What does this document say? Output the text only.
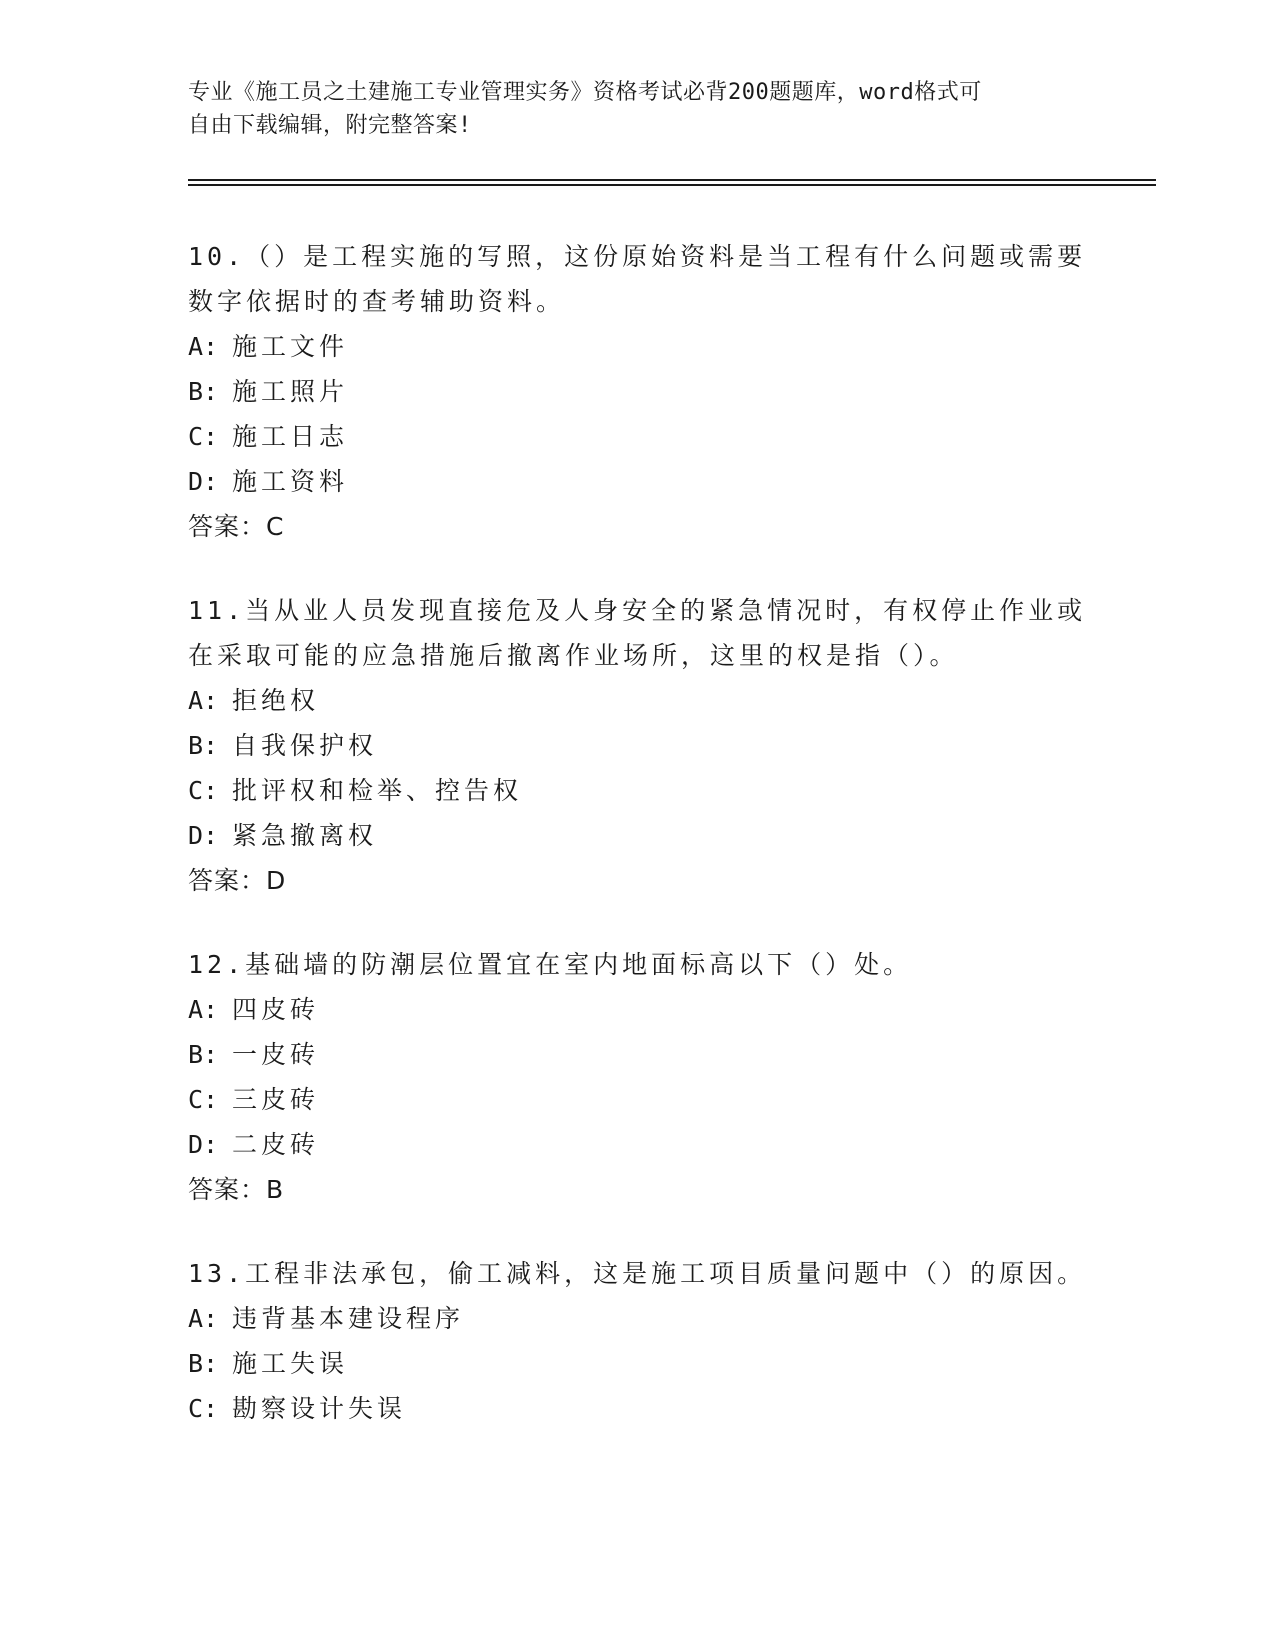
专业《施工员之土建施工专业管理实务》资格考试必背200题题库，word格式可
自由下载编辑，附完整答案!
10.（）是工程实施的写照，这份原始资料是当工程有什么问题或需要数字依据时的查考辅助资料。
A: 施工文件
B: 施工照片
C: 施工日志
D: 施工资料
答案：C
11.当从业人员发现直接危及人身安全的紧急情况时，有权停止作业或在采取可能的应急措施后撤离作业场所，这里的权是指（）。
A: 拒绝权
B: 自我保护权
C: 批评权和检举、控告权
D: 紧急撤离权
答案：D
12.基础墙的防潮层位置宜在室内地面标高以下（）处。
A: 四皮砖
B: 一皮砖
C: 三皮砖
D: 二皮砖
答案：B
13.工程非法承包，偷工减料，这是施工项目质量问题中（）的原因。
A: 违背基本建设程序
B: 施工失误
C: 勘察设计失误
